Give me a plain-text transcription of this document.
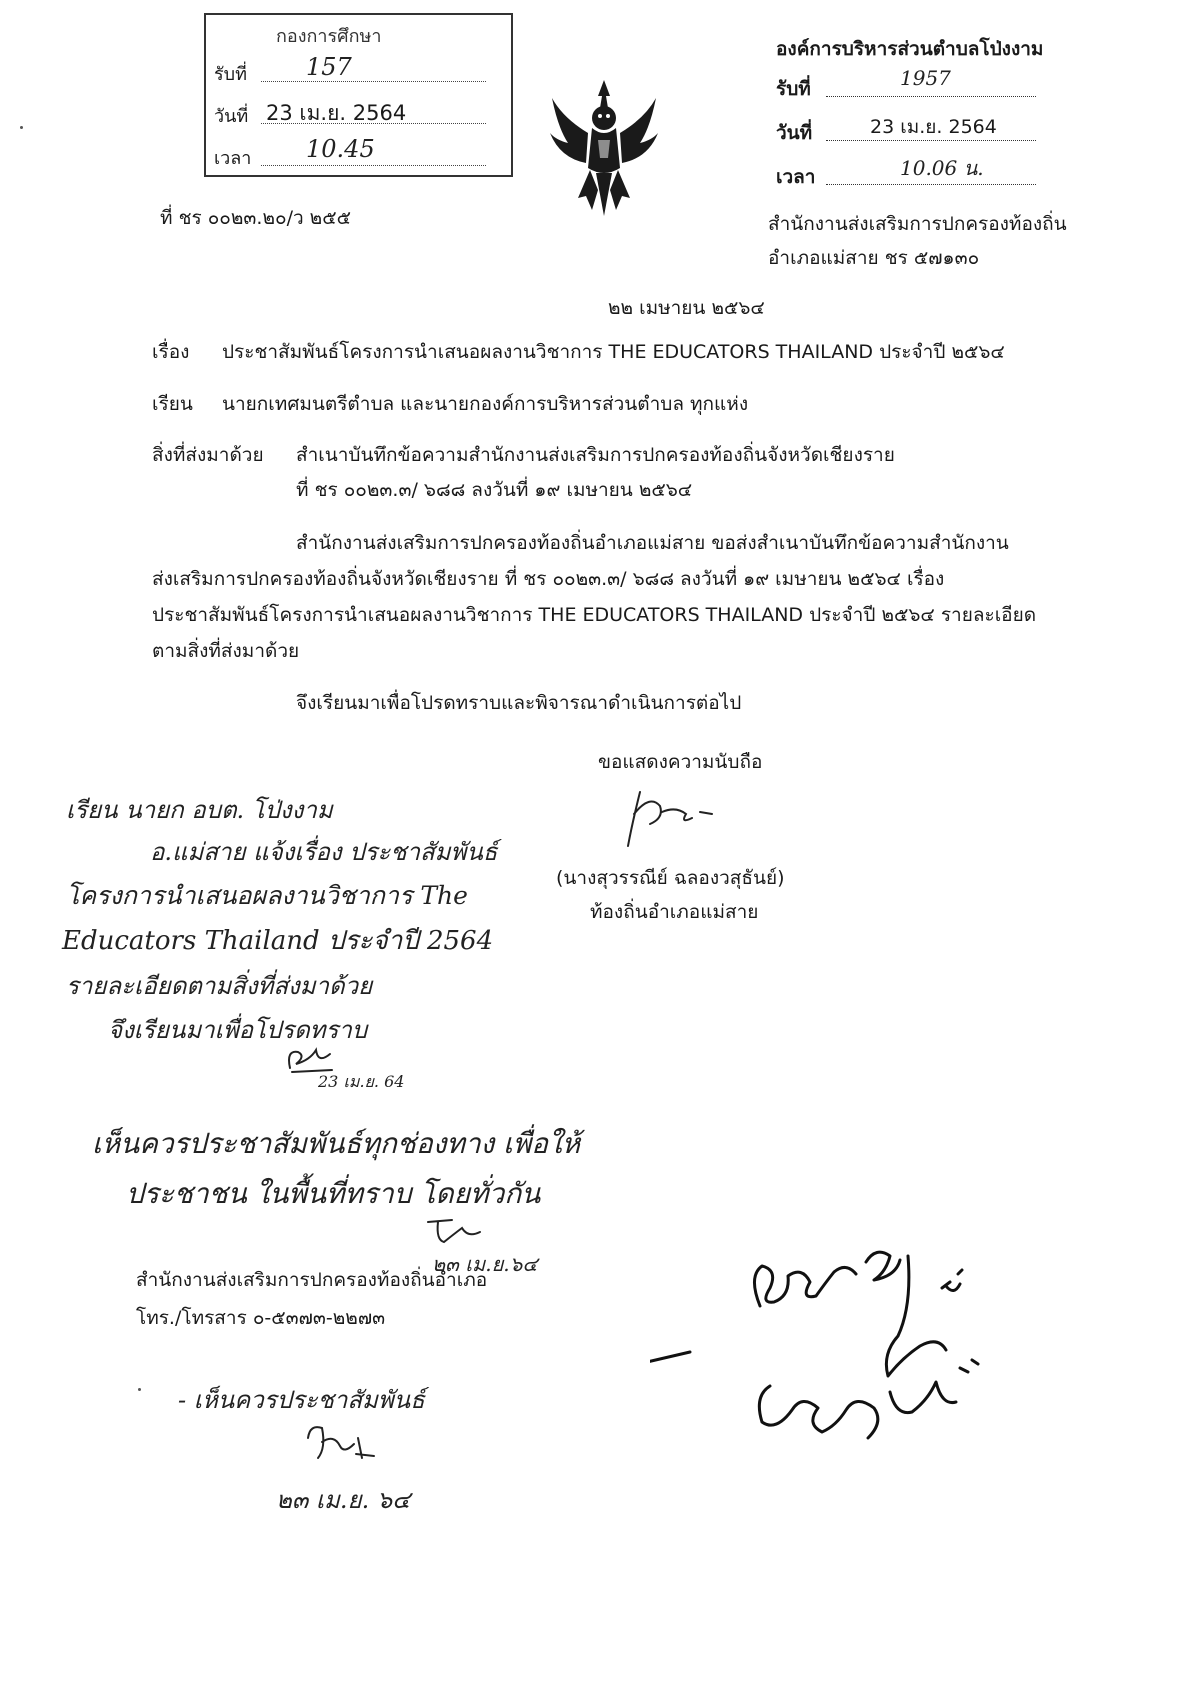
กองการศึกษา
รับที่ 157
วันที่ 23 เม.ย. 2564
เวลา 10.45
องค์การบริหารส่วนตำบลโป่งงาม
รับที่	1957
วันที่	23 เม.ย. 2564
เวลา	10.06 น.
ที่ ชร ๐๐๒๓.๒๐/ว ๒๕๕	สำนักงานส่งเสริมการปกครองท้องถิ่น
อำเภอแม่สาย ชร ๕๗๑๓๐
๒๒ เมษายน ๒๕๖๔
เรื่อง ประชาสัมพันธ์โครงการนำเสนอผลงานวิชาการ THE EDUCATORS THAILAND ประจำปี ๒๕๖๔
เรียน นายกเทศมนตรีตำบล และนายกองค์การบริหารส่วนตำบล ทุกแห่ง
สิ่งที่ส่งมาด้วย สำเนาบันทึกข้อความสำนักงานส่งเสริมการปกครองท้องถิ่นจังหวัดเชียงราย
ที่ ชร ๐๐๒๓.๓/ ๖๘๘ ลงวันที่ ๑๙ เมษายน ๒๕๖๔
สำนักงานส่งเสริมการปกครองท้องถิ่นอำเภอแม่สาย ขอส่งสำเนาบันทึกข้อความสำนักงาน
ส่งเสริมการปกครองท้องถิ่นจังหวัดเชียงราย ที่ ชร ๐๐๒๓.๓/ ๖๘๘ ลงวันที่ ๑๙ เมษายน ๒๕๖๔ เรื่อง
ประชาสัมพันธ์โครงการนำเสนอผลงานวิชาการ THE EDUCATORS THAILAND ประจำปี ๒๕๖๔ รายละเอียด
ตามสิ่งที่ส่งมาด้วย
จึงเรียนมาเพื่อโปรดทราบและพิจารณาดำเนินการต่อไป
ขอแสดงความนับถือ
(นางสุวรรณีย์ ฉลองวสุธันย์)
ท้องถิ่นอำเภอแม่สาย
เรียน นายก อบต. โป่งงาม
อ.แม่สาย แจ้งเรื่อง ประชาสัมพันธ์
โครงการนำเสนอผลงานวิชาการ The
Educators Thailand ประจำปี 2564
รายละเอียดตามสิ่งที่ส่งมาด้วย
จึงเรียนมาเพื่อโปรดทราบ
23 เม.ย. 64
เห็นควรประชาสัมพันธ์ทุกช่องทาง เพื่อให้
ประชาชน ในพื้นที่ทราบ โดยทั่วกัน
๒๓ เม.ย.๖๔
สำนักงานส่งเสริมการปกครองท้องถิ่นอำเภอ
โทร./โทรสาร ๐-๕๓๗๓-๒๒๗๓
- เห็นควรประชาสัมพันธ์
๒๓ เม.ย. ๖๔
